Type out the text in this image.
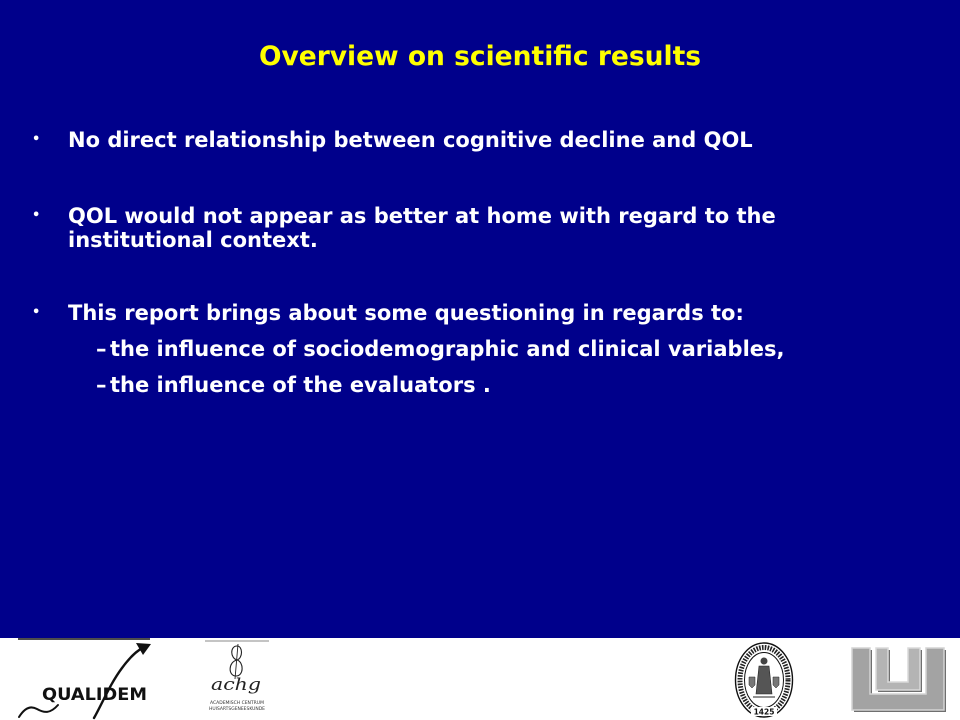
Overview on scientific results
• No direct relationship between cognitive decline and QOL
• QOL would not appear as better at home with regard to the institutional context.
• This report brings about some questioning in regards to:
– the influence of sociodemographic and clinical variables,
– the influence of the evaluators .
QUALIDEM	achg
ACADEMISCH CENTRUM
HUISARTSGENEESKUNDE	1425
